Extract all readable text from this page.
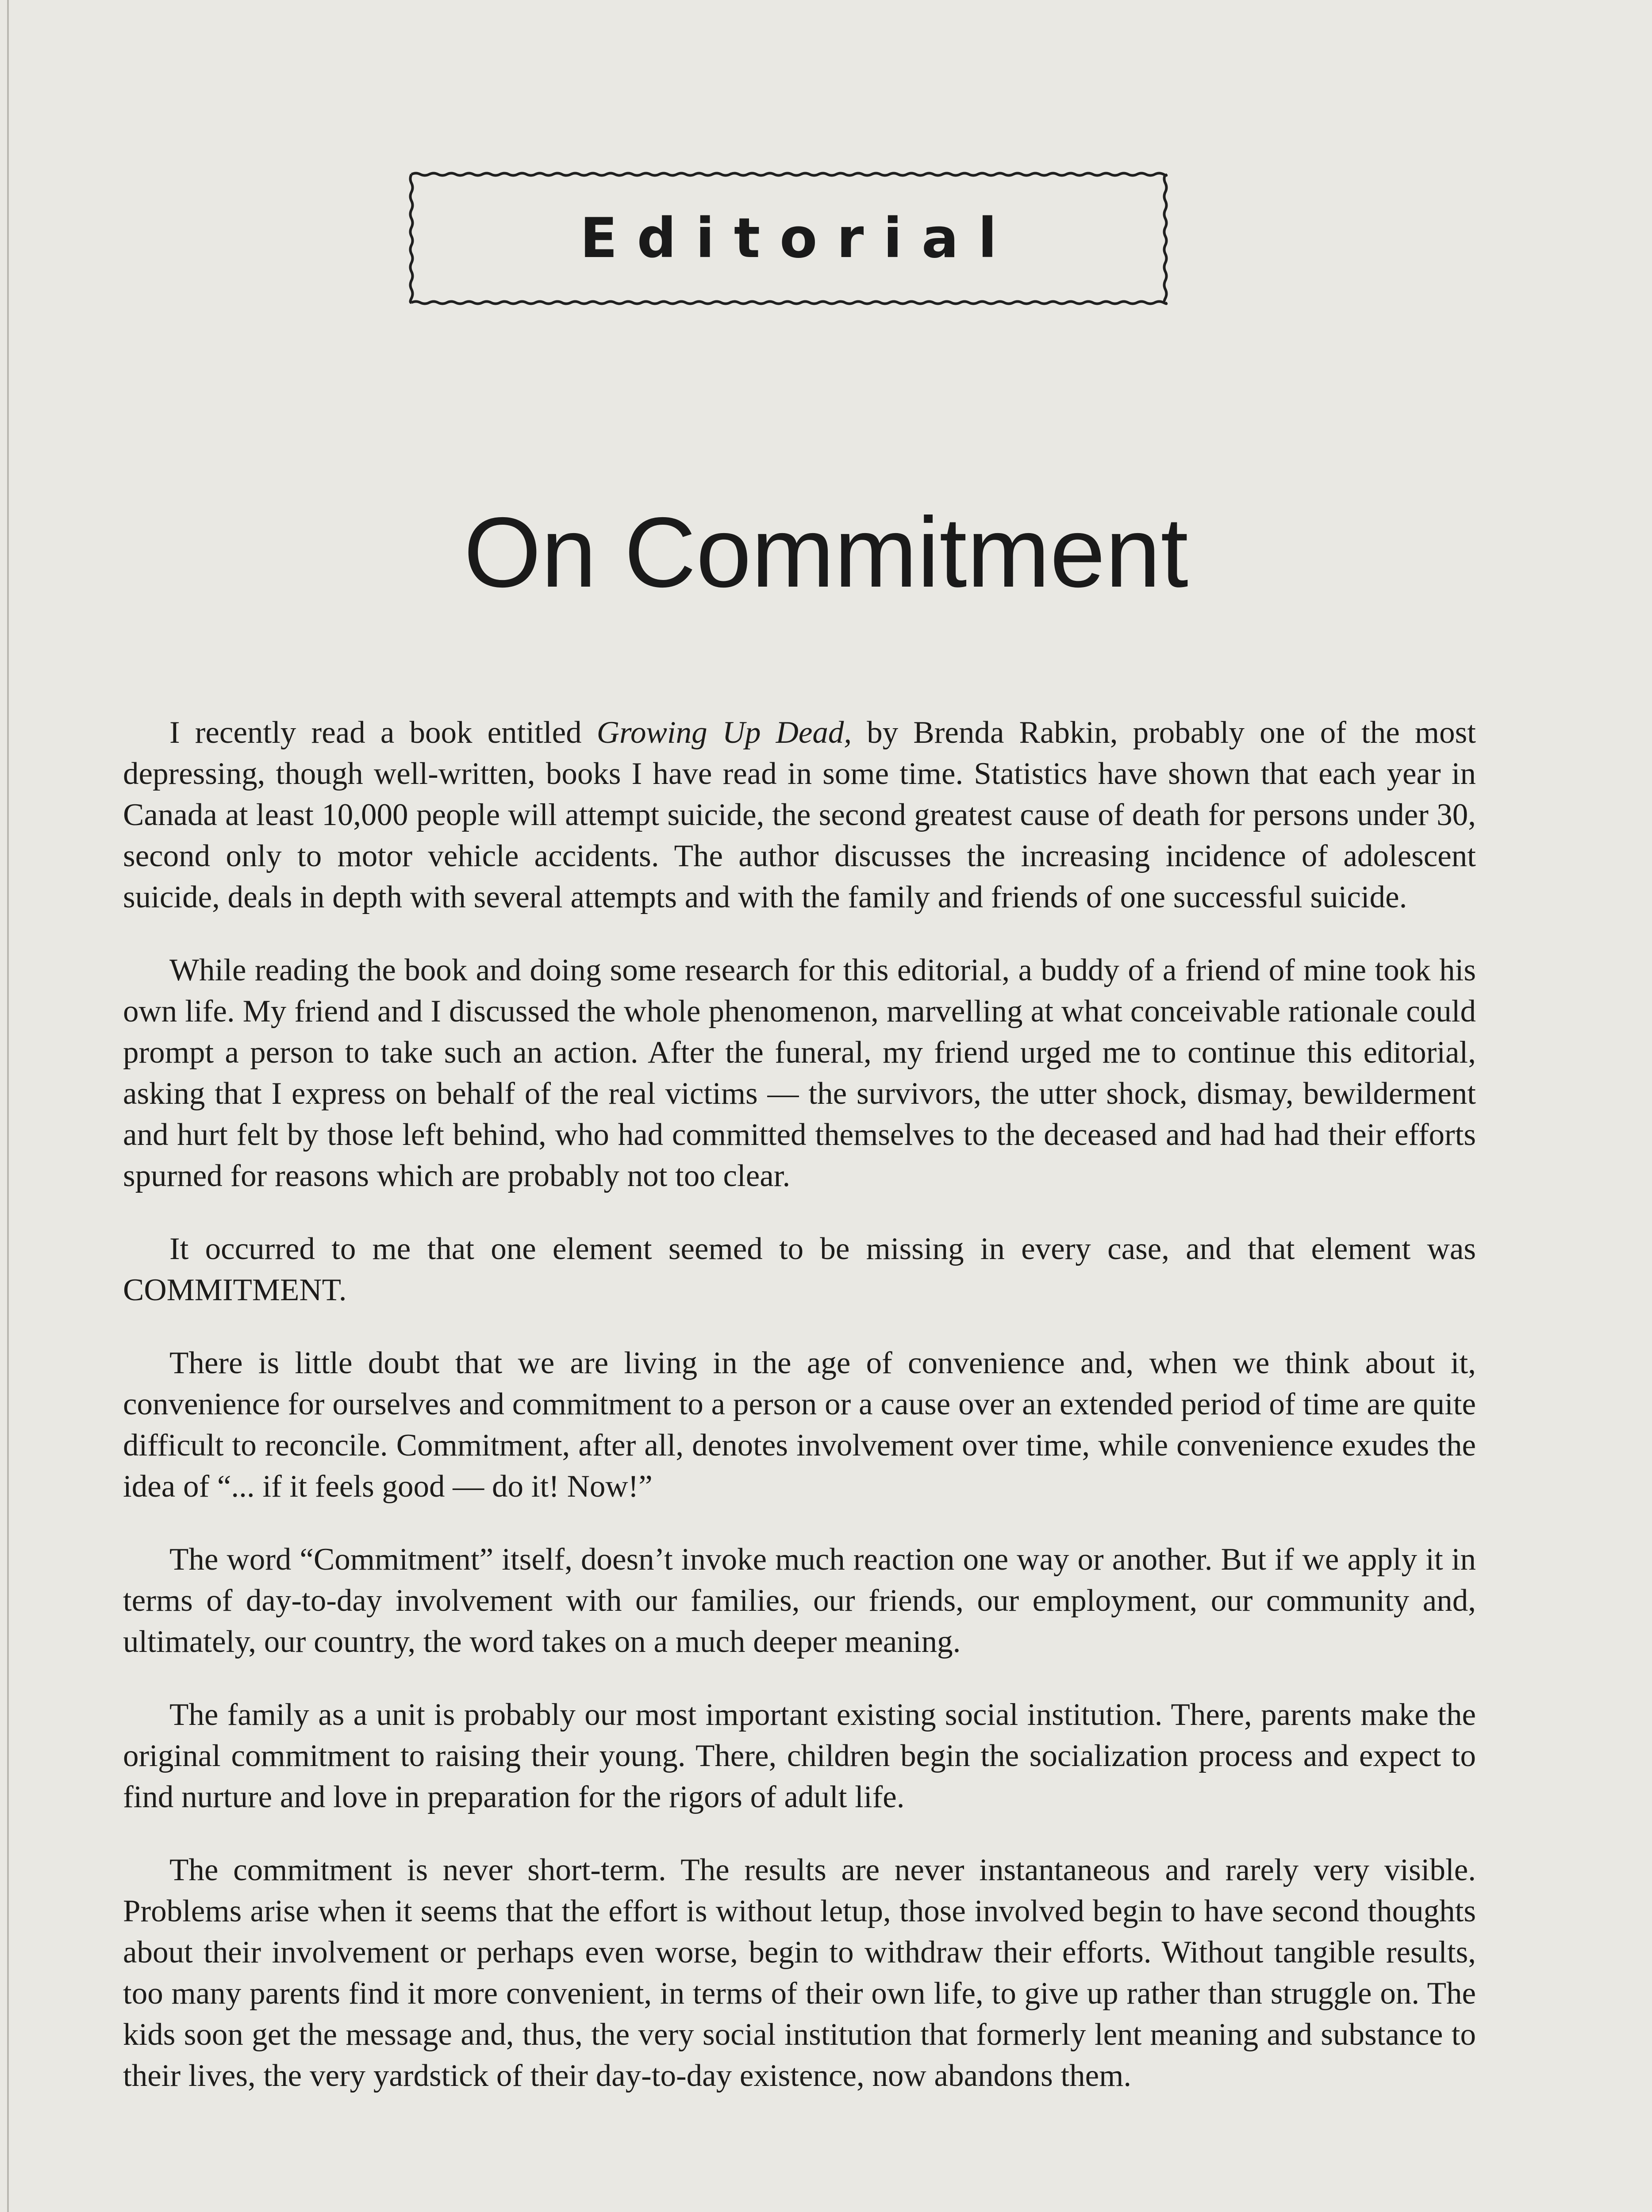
Editorial
On Commitment

I recently read a book entitled Growing Up Dead, by Brenda Rabkin, probably one of the most depressing, though well-written, books I have read in some time. Statistics have shown that each year in Canada at least 10,000 people will attempt suicide, the second greatest cause of death for persons under 30, second only to motor vehicle accidents. The author discusses the increasing incidence of adolescent suicide, deals in depth with several attempts and with the family and friends of one successful suicide.

While reading the book and doing some research for this editorial, a buddy of a friend of mine took his own life. My friend and I discussed the whole phenomenon, marvelling at what conceivable rationale could prompt a person to take such an action. After the funeral, my friend urged me to continue this editorial, asking that I express on behalf of the real victims — the survivors, the utter shock, dismay, bewilderment and hurt felt by those left behind, who had committed themselves to the deceased and had had their efforts spurned for reasons which are probably not too clear.

It occurred to me that one element seemed to be missing in every case, and that element was COMMITMENT.

There is little doubt that we are living in the age of convenience and, when we think about it, convenience for ourselves and commitment to a person or a cause over an extended period of time are quite difficult to reconcile. Commitment, after all, denotes involvement over time, while convenience exudes the idea of “... if it feels good — do it! Now!”

The word “Commitment” itself, doesn’t invoke much reaction one way or another. But if we apply it in terms of day-to-day involvement with our families, our friends, our employment, our community and, ultimately, our country, the word takes on a much deeper meaning.

The family as a unit is probably our most important existing social institution. There, parents make the original commitment to raising their young. There, children begin the socialization process and expect to find nurture and love in preparation for the rigors of adult life.

The commitment is never short-term. The results are never instantaneous and rarely very visible. Problems arise when it seems that the effort is without letup, those involved begin to have second thoughts about their involvement or perhaps even worse, begin to withdraw their efforts. Without tangible results, too many parents find it more convenient, in terms of their own life, to give up rather than struggle on. The kids soon get the message and, thus, the very social institution that formerly lent meaning and substance to their lives, the very yardstick of their day-to-day existence, now abandons them.
